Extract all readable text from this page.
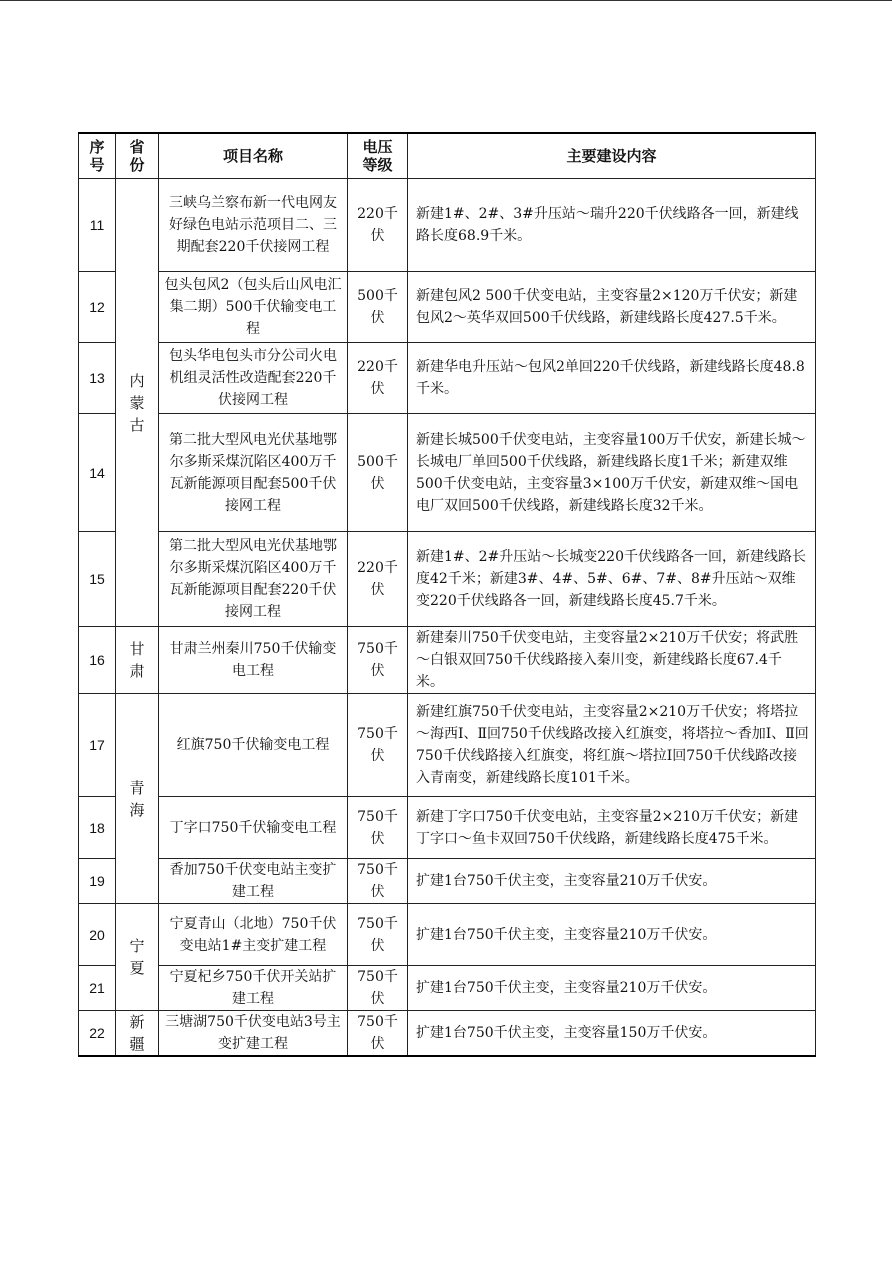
序号	省份	项目名称	电压等级	主要建设内容
11	内蒙古	三峡乌兰察布新一代电网友好绿色电站示范项目二、三期配套220千伏接网工程	220千伏	新建1#、2#、3#升压站～瑞升220千伏线路各一回，新建线路长度68.9千米。
12		包头包风2（包头后山风电汇集二期）500千伏输变电工程	500千伏	新建包风2 500千伏变电站，主变容量2×120万千伏安；新建包风2～英华双回500千伏线路，新建线路长度427.5千米。
13		包头华电包头市分公司火电机组灵活性改造配套220千伏接网工程	220千伏	新建华电升压站～包风2单回220千伏线路，新建线路长度48.8千米。
14		第二批大型风电光伏基地鄂尔多斯采煤沉陷区400万千瓦新能源项目配套500千伏接网工程	500千伏	新建长城500千伏变电站，主变容量100万千伏安，新建长城～长城电厂单回500千伏线路，新建线路长度1千米；新建双维500千伏变电站，主变容量3×100万千伏安，新建双维～国电电厂双回500千伏线路，新建线路长度32千米。
15		第二批大型风电光伏基地鄂尔多斯采煤沉陷区400万千瓦新能源项目配套220千伏接网工程	220千伏	新建1#、2#升压站～长城变220千伏线路各一回，新建线路长度42千米；新建3#、4#、5#、6#、7#、8#升压站～双维变220千伏线路各一回，新建线路长度45.7千米。
16	甘肃	甘肃兰州秦川750千伏输变电工程	750千伏	新建秦川750千伏变电站，主变容量2×210万千伏安；将武胜～白银双回750千伏线路接入秦川变，新建线路长度67.4千米。
17	青海	红旗750千伏输变电工程	750千伏	新建红旗750千伏变电站，主变容量2×210万千伏安；将塔拉～海西Ⅰ、Ⅱ回750千伏线路改接入红旗变，将塔拉～香加Ⅰ、Ⅱ回750千伏线路接入红旗变，将红旗～塔拉Ⅰ回750千伏线路改接入青南变，新建线路长度101千米。
18		丁字口750千伏输变电工程	750千伏	新建丁字口750千伏变电站，主变容量2×210万千伏安；新建丁字口～鱼卡双回750千伏线路，新建线路长度475千米。
19		香加750千伏变电站主变扩建工程	750千伏	扩建1台750千伏主变，主变容量210万千伏安。
20	宁夏	宁夏青山（北地）750千伏变电站1#主变扩建工程	750千伏	扩建1台750千伏主变，主变容量210万千伏安。
21		宁夏杞乡750千伏开关站扩建工程	750千伏	扩建1台750千伏主变，主变容量210万千伏安。
22	新疆	三塘湖750千伏变电站3号主变扩建工程	750千伏	扩建1台750千伏主变，主变容量150万千伏安。
